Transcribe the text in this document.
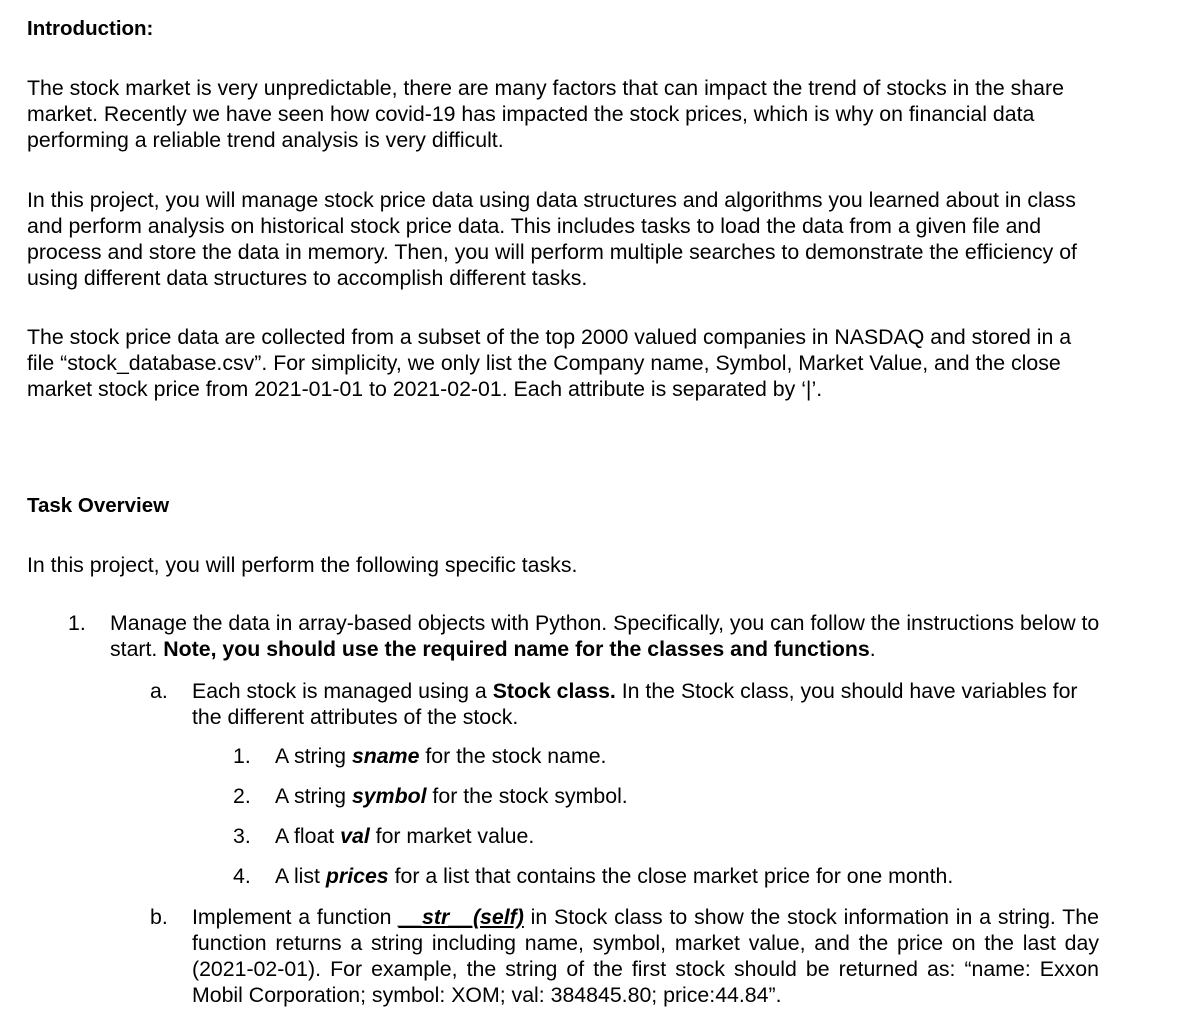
Introduction:

The stock market is very unpredictable, there are many factors that can impact the trend of stocks in the share market. Recently we have seen how covid-19 has impacted the stock prices, which is why on financial data performing a reliable trend analysis is very difficult.

In this project, you will manage stock price data using data structures and algorithms you learned about in class and perform analysis on historical stock price data. This includes tasks to load the data from a given file and process and store the data in memory. Then, you will perform multiple searches to demonstrate the efficiency of using different data structures to accomplish different tasks.

The stock price data are collected from a subset of the top 2000 valued companies in NASDAQ and stored in a file “stock_database.csv”. For simplicity, we only list the Company name, Symbol, Market Value, and the close market stock price from 2021-01-01 to 2021-02-01. Each attribute is separated by ‘|’.

Task Overview

In this project, you will perform the following specific tasks.

1. Manage the data in array-based objects with Python. Specifically, you can follow the instructions below to start. Note, you should use the required name for the classes and functions.

a. Each stock is managed using a Stock class. In the Stock class, you should have variables for the different attributes of the stock.

1. A string sname for the stock name.

2. A string symbol for the stock symbol.

3. A float val for market value.

4. A list prices for a list that contains the close market price for one month.

b. Implement a function __str__(self) in Stock class to show the stock information in a string. The function returns a string including name, symbol, market value, and the price on the last day (2021-02-01). For example, the string of the first stock should be returned as: “name: Exxon Mobil Corporation; symbol: XOM; val: 384845.80; price:44.84”.
